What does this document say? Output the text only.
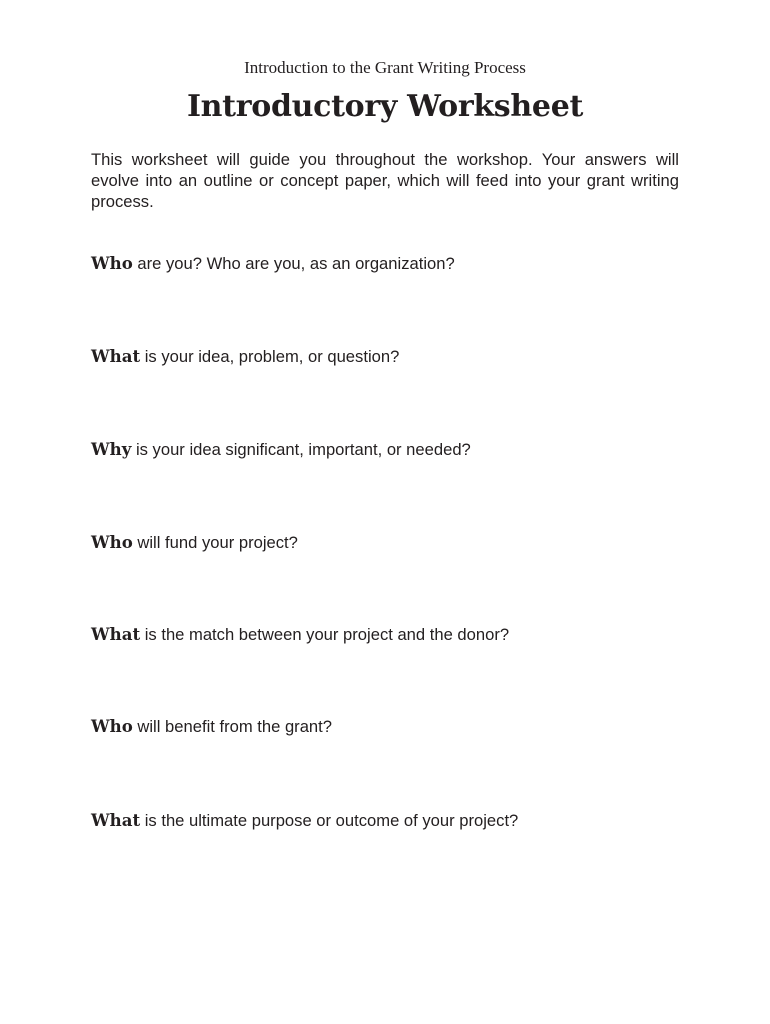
Introduction to the Grant Writing Process
Introductory Worksheet
This worksheet will guide you throughout the workshop. Your answers will evolve into an outline or concept paper, which will feed into your grant writing process.
Who are you? Who are you, as an organization?
What is your idea, problem, or question?
Why is your idea significant, important, or needed?
Who will fund your project?
What is the match between your project and the donor?
Who will benefit from the grant?
What is the ultimate purpose or outcome of your project?
